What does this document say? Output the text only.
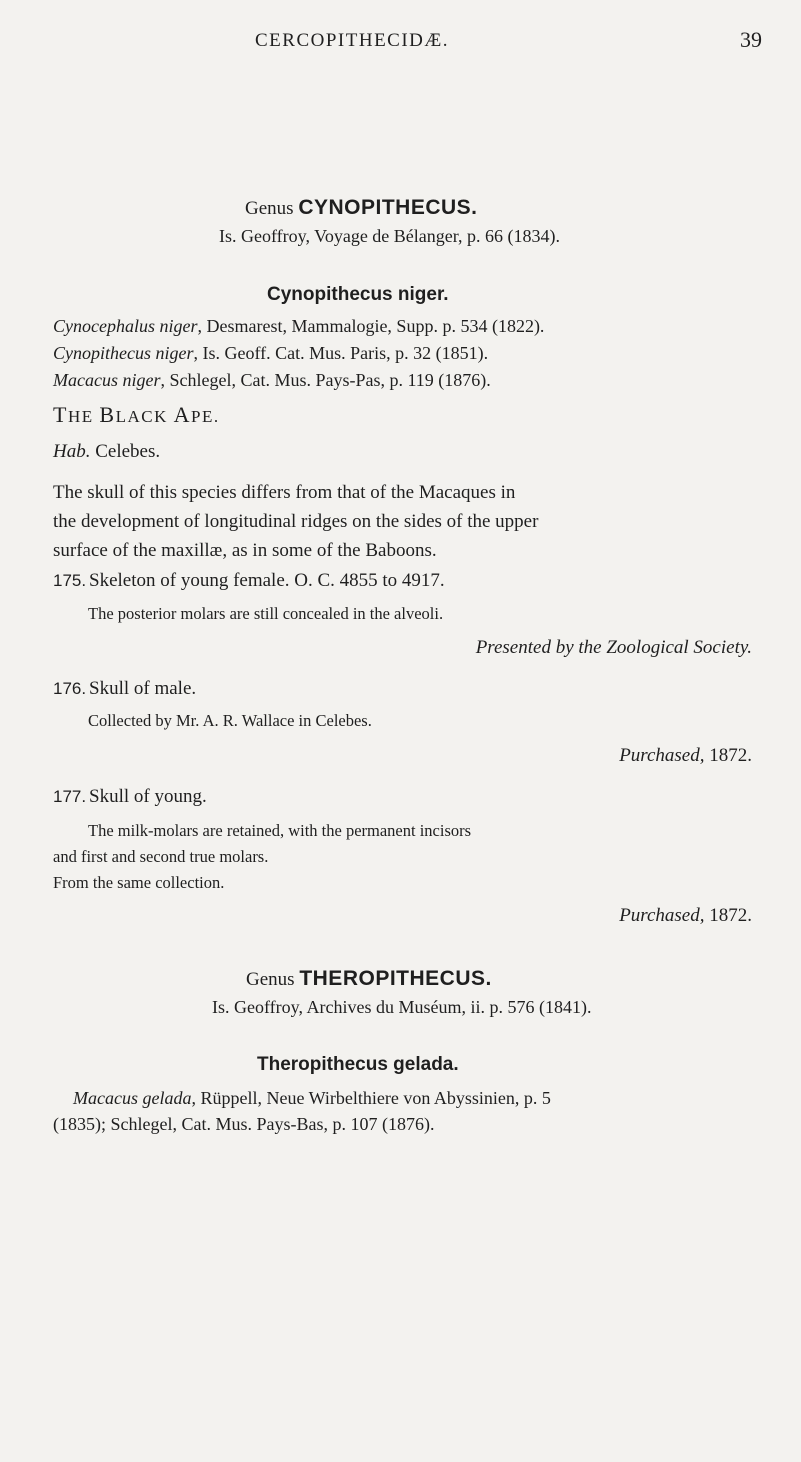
CERCOPITHECIDÆ.	39
Genus CYNOPITHECUS.
Is. Geoffroy, Voyage de Bélanger, p. 66 (1834).
Cynopithecus niger.
Cynocephalus niger, Desmarest, Mammalogie, Supp. p. 534 (1822).
Cynopithecus niger, Is. Geoff. Cat. Mus. Paris, p. 32 (1851).
Macacus niger, Schlegel, Cat. Mus. Pays-Pas, p. 119 (1876).
THE BLACK APE.
Hab. Celebes.
The skull of this species differs from that of the Macaques in
the development of longitudinal ridges on the sides of the upper
surface of the maxillæ, as in some of the Baboons.
175. Skeleton of young female. O. C. 4855 to 4917.
The posterior molars are still concealed in the alveoli.
Presented by the Zoological Society.
176. Skull of male.
Collected by Mr. A. R. Wallace in Celebes.
Purchased, 1872.
177. Skull of young.
The milk-molars are retained, with the permanent incisors
and first and second true molars.
From the same collection.
Purchased, 1872.
Genus THEROPITHECUS.
Is. Geoffroy, Archives du Muséum, ii. p. 576 (1841).
Theropithecus gelada.
Macacus gelada, Rüppell, Neue Wirbelthiere von Abyssinien, p. 5
(1835); Schlegel, Cat. Mus. Pays-Bas, p. 107 (1876).
